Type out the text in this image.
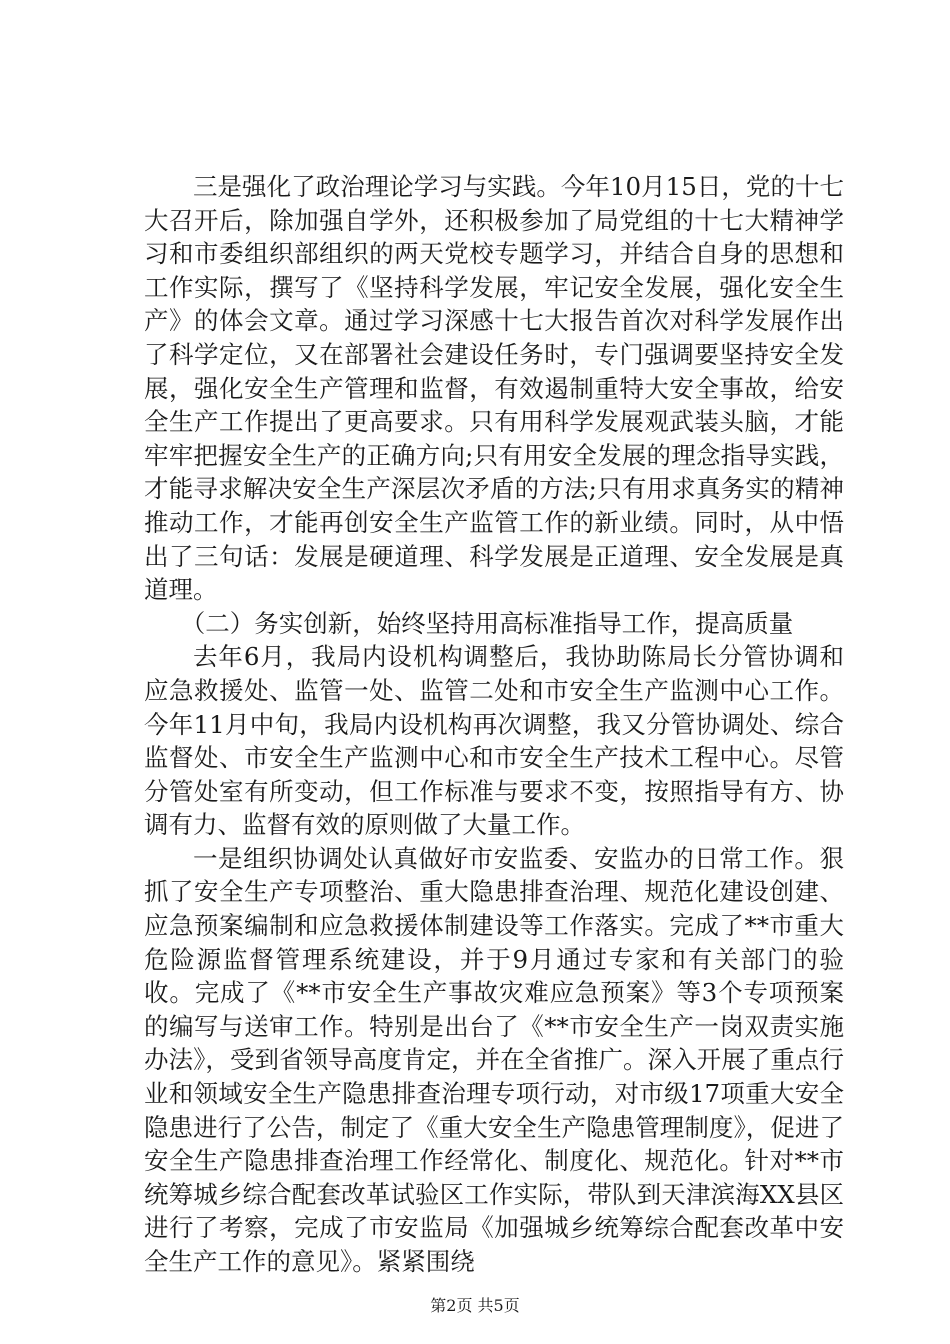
三是强化了政治理论学习与实践。今年10月15日，党的十七大召开后，除加强自学外，还积极参加了局党组的十七大精神学习和市委组织部组织的两天党校专题学习，并结合自身的思想和工作实际，撰写了《坚持科学发展，牢记安全发展，强化安全生产》的体会文章。通过学习深感十七大报告首次对科学发展作出了科学定位，又在部署社会建设任务时，专门强调要坚持安全发展，强化安全生产管理和监督，有效遏制重特大安全事故，给安全生产工作提出了更高要求。只有用科学发展观武装头脑，才能牢牢把握安全生产的正确方向;只有用安全发展的理念指导实践，才能寻求解决安全生产深层次矛盾的方法;只有用求真务实的精神推动工作，才能再创安全生产监管工作的新业绩。同时，从中悟出了三句话：发展是硬道理、科学发展是正道理、安全发展是真道理。

（二）务实创新，始终坚持用高标准指导工作，提高质量

去年6月，我局内设机构调整后，我协助陈局长分管协调和应急救援处、监管一处、监管二处和市安全生产监测中心工作。今年11月中旬，我局内设机构再次调整，我又分管协调处、综合监督处、市安全生产监测中心和市安全生产技术工程中心。尽管分管处室有所变动，但工作标准与要求不变，按照指导有方、协调有力、监督有效的原则做了大量工作。

一是组织协调处认真做好市安监委、安监办的日常工作。狠抓了安全生产专项整治、重大隐患排查治理、规范化建设创建、应急预案编制和应急救援体制建设等工作落实。完成了**市重大危险源监督管理系统建设，并于9月通过专家和有关部门的验收。完成了《**市安全生产事故灾难应急预案》等3个专项预案的编写与送审工作。特别是出台了《**市安全生产一岗双责实施办法》，受到省领导高度肯定，并在全省推广。深入开展了重点行业和领域安全生产隐患排查治理专项行动，对市级17项重大安全隐患进行了公告，制定了《重大安全生产隐患管理制度》，促进了安全生产隐患排查治理工作经常化、制度化、规范化。针对**市统筹城乡综合配套改革试验区工作实际，带队到天津滨海XX县区进行了考察，完成了市安监局《加强城乡统筹综合配套改革中安全生产工作的意见》。紧紧围绕

第2页 共5页
